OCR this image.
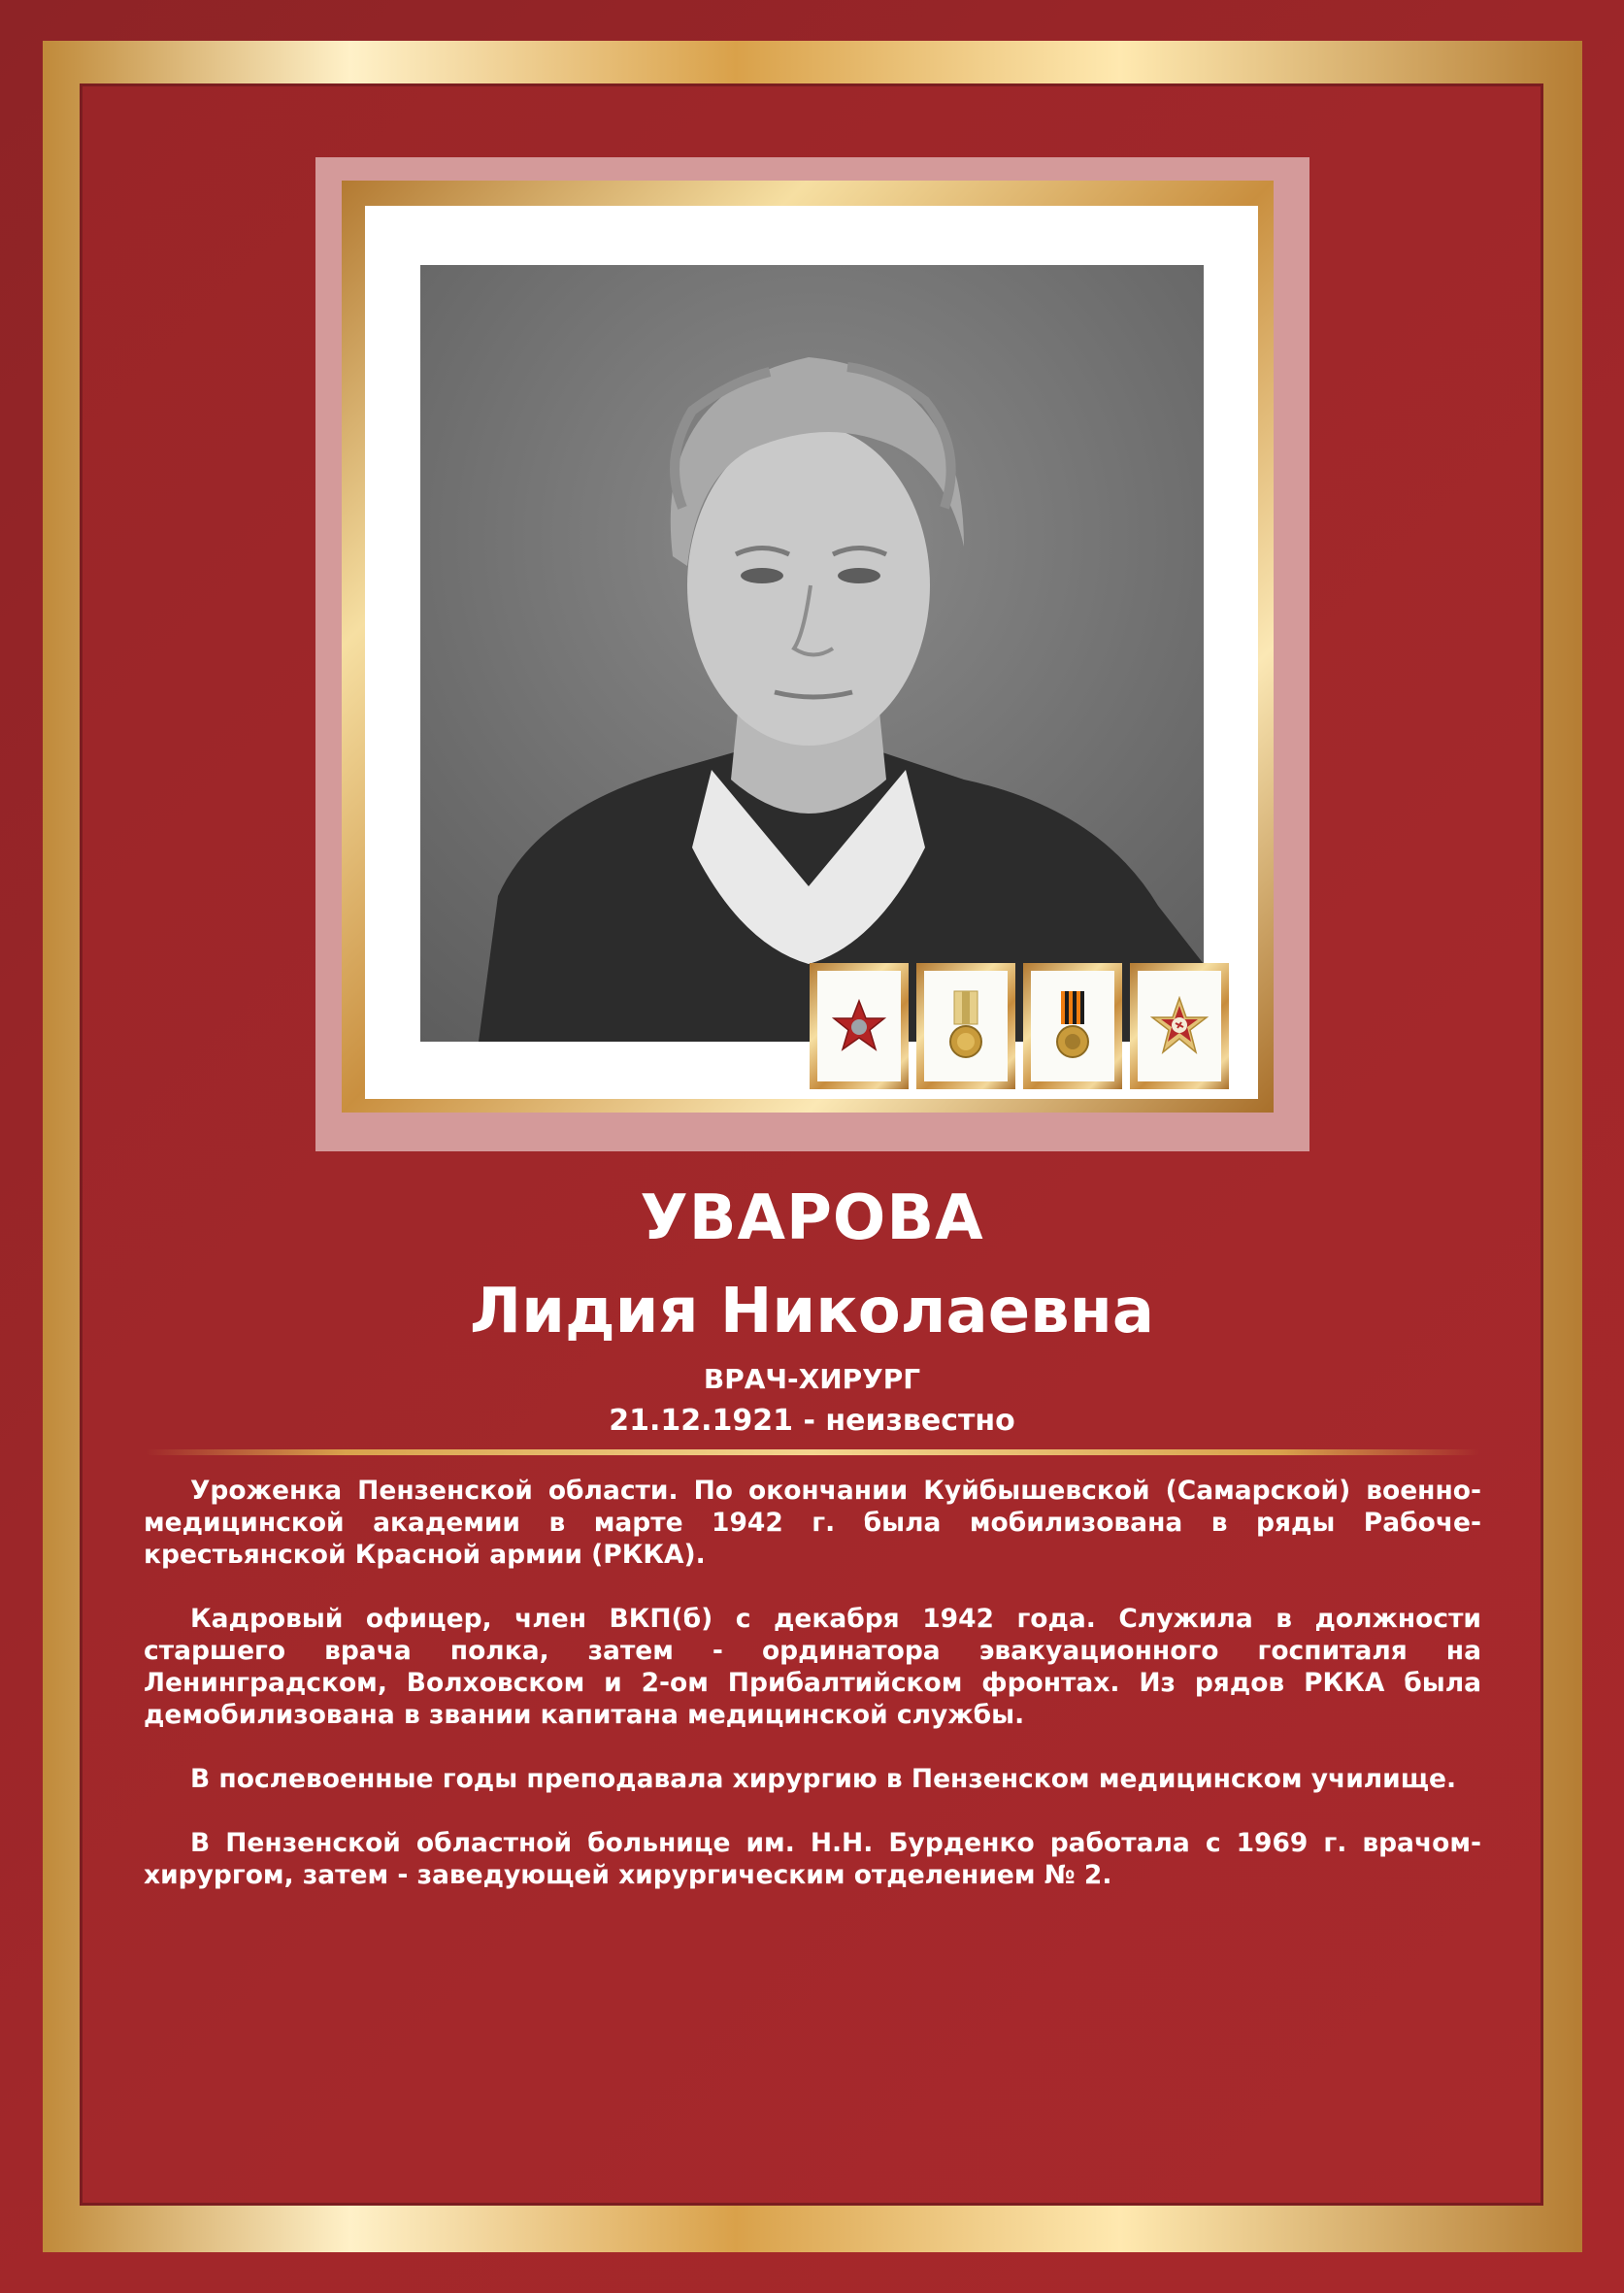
УВАРОВА
Лидия Николаевна
ВРАЧ-ХИРУРГ
21.12.1921 - неизвестно

Уроженка Пензенской области. По окончании Куйбышевской (Самарской) военно-медицинской академии в марте 1942 г. была мобилизована в ряды Рабоче-крестьянской Красной армии (РККА).

Кадровый офицер, член ВКП(б) с декабря 1942 года. Служила в должности старшего врача полка, затем - ординатора эвакуационного госпиталя на Ленинградском, Волховском и 2-ом Прибалтийском фронтах. Из рядов РККА была демобилизована в звании капитана медицинской службы.

В послевоенные годы преподавала хирургию в Пензенском медицинском училище.

В Пензенской областной больнице им. Н.Н. Бурденко работала с 1969 г. врачом-хирургом, затем - заведующей хирургическим отделением № 2.
